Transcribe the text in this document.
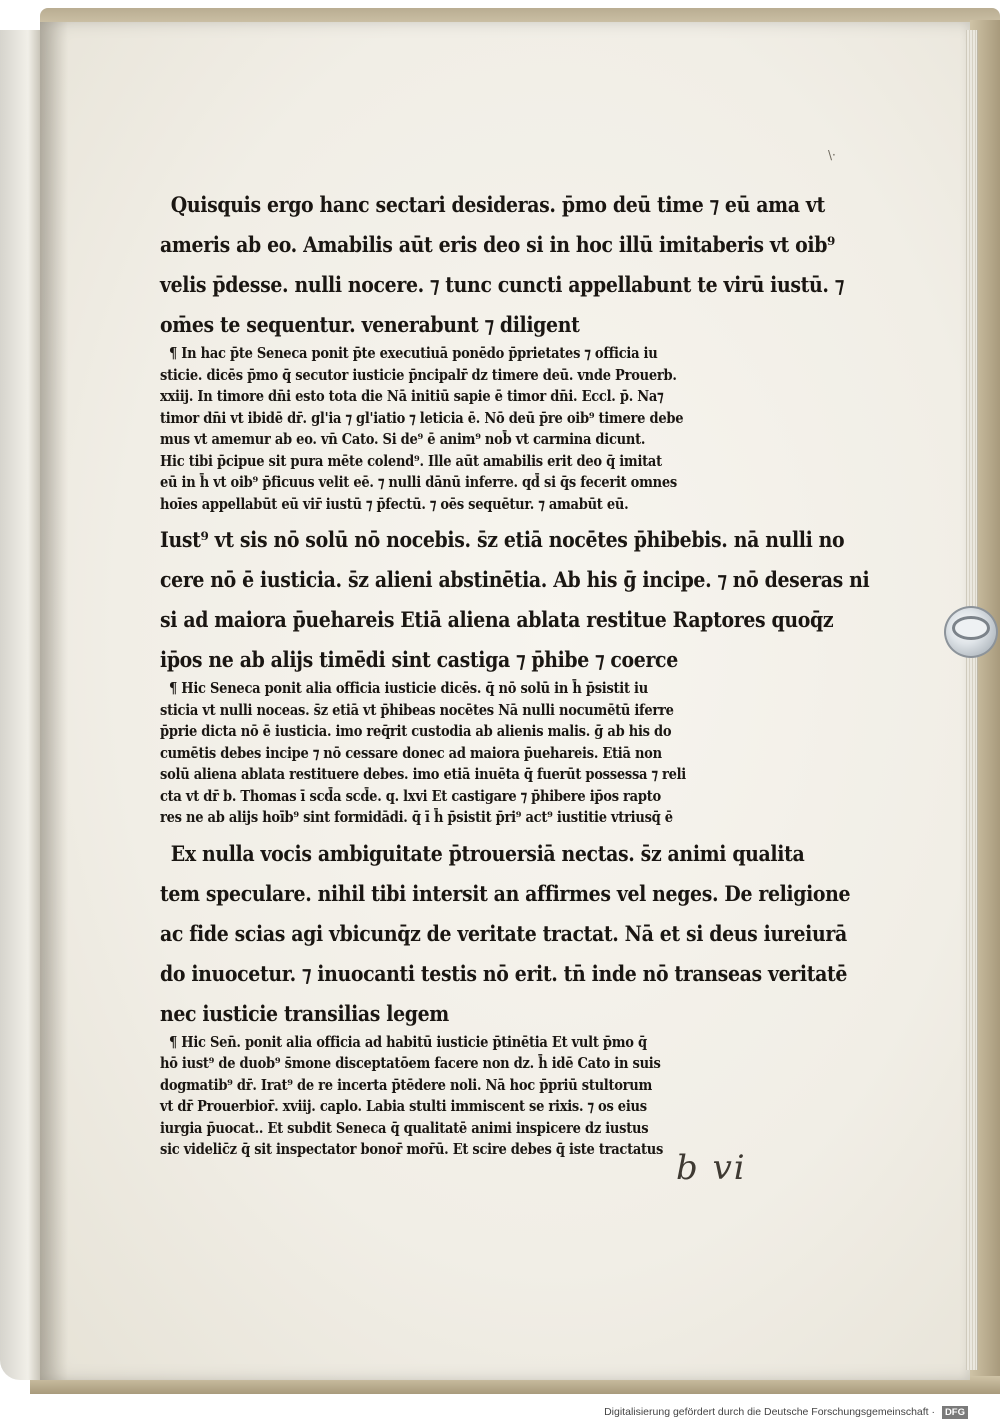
\·
Quisquis ergo hanc sectari desideras. p̄mo deū time ⁊ eū ama vt
ameris ab eo. Amabilis aūt eris deo si in hoc illū imitaberis vt oib⁹
velis p̄desse. nulli nocere. ⁊ tunc cuncti appellabunt te virū iustū. ⁊
om̄es te sequentur. venerabunt ⁊ diligent
¶ In hac p̄te Seneca ponit p̄te executiuā ponēdo p̄prietates ⁊ officia iu
sticie. dicēs p̄mo q̄ secutor iusticie p̄ncipalr̄ dz timere deū. vnde Prouerb.
xxiij. In timore dn̄i esto tota die Nā initiū sapie ē timor dn̄i. Eccl. p̄. Na⁊
timor dn̄i vt ibidē dr̄. gl'ia ⁊ gl'iatio ⁊ leticia ē. Nō deū p̄re oib⁹ timere debe
mus vt amemur ab eo. vn̄ Cato. Si de⁹ ē anim⁹ nob̄ vt carmina dicunt.
Hic tibi p̄cipue sit pura mēte colend⁹. Ille aūt amabilis erit deo q̄ imitat
eū in h̄ vt oib⁹ p̄ficuus velit eē. ⁊ nulli dānū inferre. qd̄ si q̄s fecerit omnes
hoīes appellabūt eū vir̄ iustū ⁊ p̄fectū. ⁊ oēs sequētur. ⁊ amabūt eū.
Iust⁹ vt sis nō solū nō nocebis. s̄z etiā nocētes p̄hibebis. nā nulli no
cere nō ē iusticia. s̄z alieni abstinētia. Ab his ḡ incipe. ⁊ nō deseras ni
si ad maiora p̄uehareis Etiā aliena ablata restitue Raptores quoq̄z
ip̄os ne ab alijs timēdi sint castiga ⁊ p̄hibe ⁊ coerce
¶ Hic Seneca ponit alia officia iusticie dicēs. q̄ nō solū in h̄ p̄sistit iu
sticia vt nulli noceas. s̄z etiā vt p̄hibeas nocētes Nā nulli nocumētū iferre
p̄prie dicta nō ē iusticia. imo req̄rit custodia ab alienis malis. ḡ ab his do
cumētis debes incipe ⁊ nō cessare donec ad maiora p̄uehareis. Etiā non
solū aliena ablata restituere debes. imo etiā inuēta q̄ fuerūt possessa ⁊ reli
cta vt dr̄ b. Thomas ī scd̄a scd̄e. q. lxvi Et castigare ⁊ p̄hibere ip̄os rapto
res ne ab alijs hoīb⁹ sint formidādi. q̄ ī h̄ p̄sistit p̄ri⁹ act⁹ iustitie vtriusq̄ ē
Ex nulla vocis ambiguitate p̄trouersiā nectas. s̄z animi qualita
tem speculare. nihil tibi intersit an affirmes vel neges. De religione
ac fide scias agi vbicunq̄z de veritate tractat. Nā et si deus iureiurā
do inuocetur. ⁊ inuocanti testis nō erit. tn̄ inde nō transeas veritatē
nec iusticie transilias legem
¶ Hic Sen̄. ponit alia officia ad habitū iusticie p̄tinētia Et vult p̄mo q̄
hō iust⁹ de duob⁹ s̄mone disceptatōem facere non dz. h̄ idē Cato in suis
dogmatib⁹ dr̄. Irat⁹ de re incerta p̄tēdere noli. Nā hoc p̄priū stultorum
vt dr̄ Prouerbior̄. xviij. caplo. Labia stulti immiscent se rixis. ⁊ os eius
iurgia p̄uocat.. Et subdit Seneca q̄ qualitatē animi inspicere dz iustus
sic videlic̄z q̄ sit inspectator bonor̄ mor̄ū. Et scire debes q̄ iste tractatus b vi
Digitalisierung gefördert durch die Deutsche Forschungsgemeinschaft · DFG
